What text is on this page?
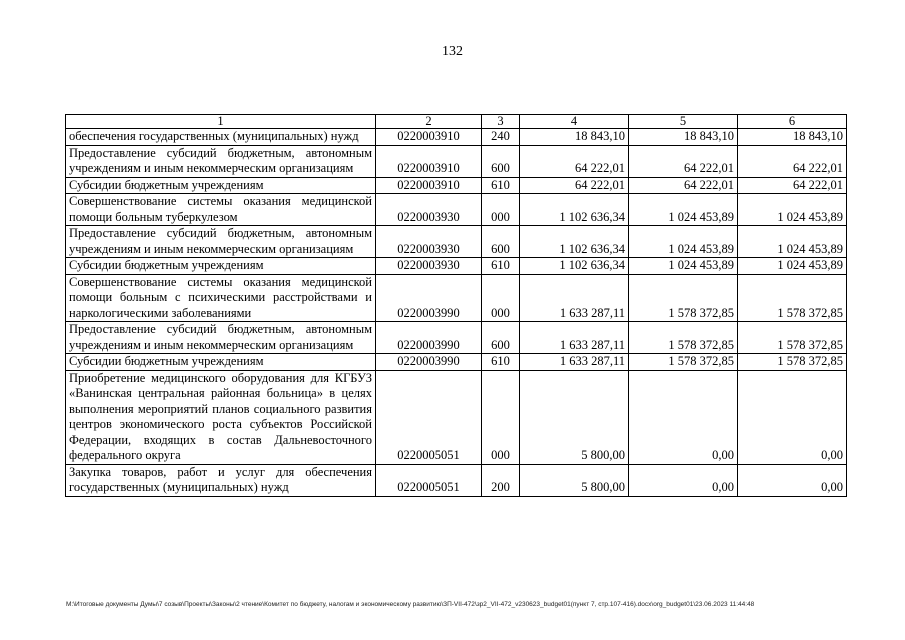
132
1	2	3	4	5	6
обеспечения государственных (муниципальных) нужд	0220003910	240	18 843,10	18 843,10	18 843,10
Предоставление субсидий бюджетным, автономным учреждениям и иным некоммерческим организациям	0220003910	600	64 222,01	64 222,01	64 222,01
Субсидии бюджетным учреждениям	0220003910	610	64 222,01	64 222,01	64 222,01
Совершенствование системы оказания медицинской помощи больным туберкулезом	0220003930	000	1 102 636,34	1 024 453,89	1 024 453,89
Предоставление субсидий бюджетным, автономным учреждениям и иным некоммерческим организациям	0220003930	600	1 102 636,34	1 024 453,89	1 024 453,89
Субсидии бюджетным учреждениям	0220003930	610	1 102 636,34	1 024 453,89	1 024 453,89
Совершенствование системы оказания медицинской помощи больным с психическими расстройствами и наркологическими заболеваниями	0220003990	000	1 633 287,11	1 578 372,85	1 578 372,85
Предоставление субсидий бюджетным, автономным учреждениям и иным некоммерческим организациям	0220003990	600	1 633 287,11	1 578 372,85	1 578 372,85
Субсидии бюджетным учреждениям	0220003990	610	1 633 287,11	1 578 372,85	1 578 372,85
Приобретение медицинского оборудования для КГБУЗ «Ванинская центральная районная больница» в целях выполнения мероприятий планов социального развития центров экономического роста субъектов Российской Федерации, входящих в состав Дальневосточного федерального округа	0220005051	000	5 800,00	0,00	0,00
Закупка товаров, работ и услуг для обеспечения государственных (муниципальных) нужд	0220005051	200	5 800,00	0,00	0,00
M:\Итоговые документы Думы\7 созыв\Проекты\Законы\2 чтение\Комитет по бюджету, налогам и экономическому развитию\ЗП-VII-472\зр2_VII-472_v230623_budget01(пункт 7, стр.107-416).docx\org_budget01\23.06.2023 11:44:48
